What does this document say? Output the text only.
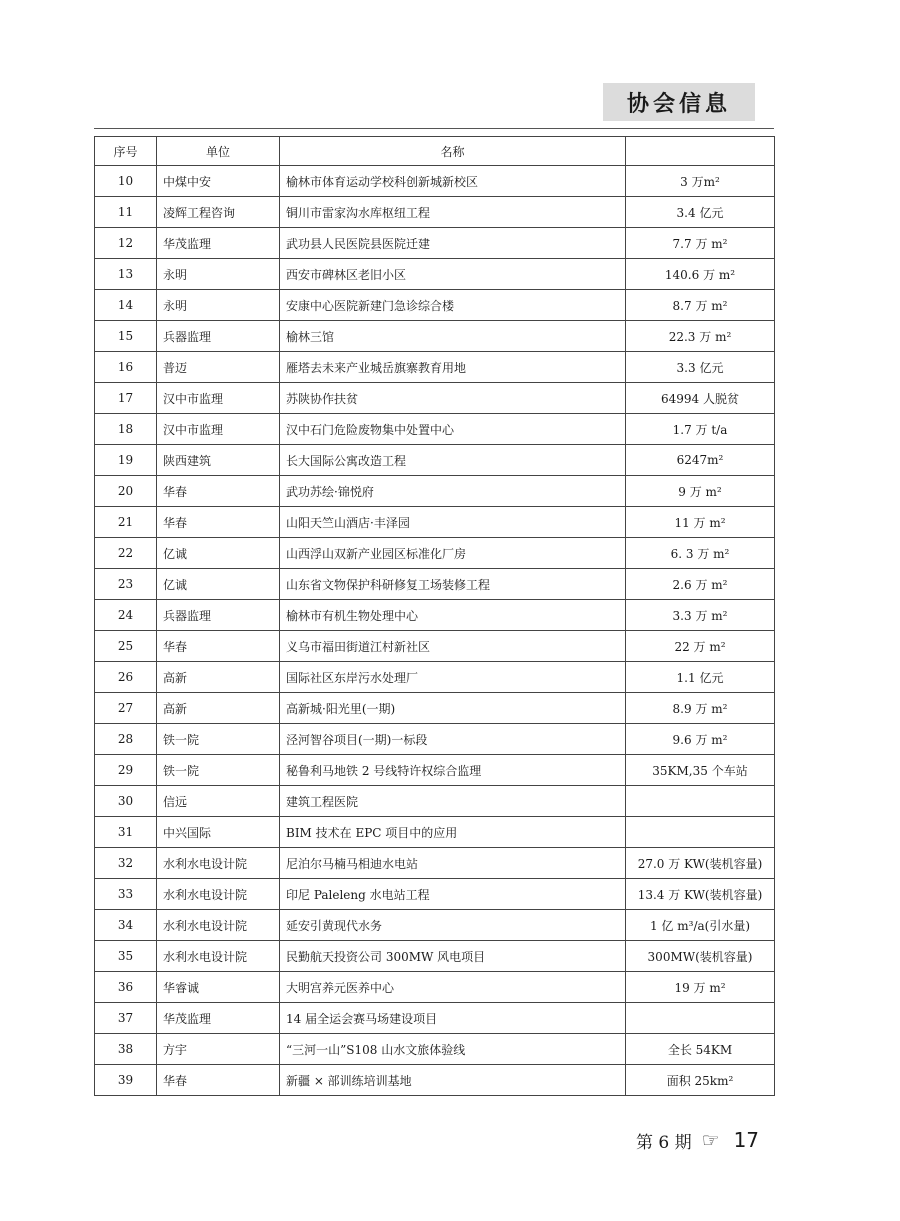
协会信息
序号	单位	名称	
10	中煤中安	榆林市体育运动学校科创新城新校区	3 万m²
11	凌辉工程咨询	铜川市雷家沟水库枢纽工程	3.4 亿元
12	华茂监理	武功县人民医院县医院迁建	7.7 万 m²
13	永明	西安市碑林区老旧小区	140.6 万 m²
14	永明	安康中心医院新建门急诊综合楼	8.7 万 m²
15	兵器监理	榆林三馆	22.3 万 m²
16	普迈	雁塔去未来产业城岳旗寨教育用地	3.3 亿元
17	汉中市监理	苏陕协作扶贫	64994 人脱贫
18	汉中市监理	汉中石门危险废物集中处置中心	1.7 万 t/a
19	陕西建筑	长大国际公寓改造工程	6247m²
20	华春	武功苏绘·锦悦府	9 万 m²
21	华春	山阳天竺山酒店·丰泽园	11 万 m²
22	亿诚	山西浮山双新产业园区标准化厂房	6. 3 万 m²
23	亿诚	山东省文物保护科研修复工场装修工程	2.6 万 m²
24	兵器监理	榆林市有机生物处理中心	3.3 万 m²
25	华春	义乌市福田街道江村新社区	22 万 m²
26	高新	国际社区东岸污水处理厂	1.1 亿元
27	高新	高新城·阳光里(一期)	8.9 万 m²
28	铁一院	泾河智谷项目(一期)一标段	9.6 万 m²
29	铁一院	秘鲁利马地铁 2 号线特许权综合监理	35KM,35 个车站
30	信远	建筑工程医院	
31	中兴国际	BIM 技术在 EPC 项目中的应用	
32	水利水电设计院	尼泊尔马楠马相迪水电站	27.0 万 KW(装机容量)
33	水利水电设计院	印尼 Paleleng 水电站工程	13.4 万 KW(装机容量)
34	水利水电设计院	延安引黄现代水务	1 亿 m³/a(引水量)
35	水利水电设计院	民勤航天投资公司 300MW 风电项目	300MW(装机容量)
36	华睿诚	大明宫养元医养中心	19 万 m²
37	华茂监理	14 届全运会赛马场建设项目	
38	方宇	“三河一山”S108 山水文旅体验线	全长 54KM
39	华春	新疆 × 部训练培训基地	面积 25km²
第 6 期 ☞ 17
